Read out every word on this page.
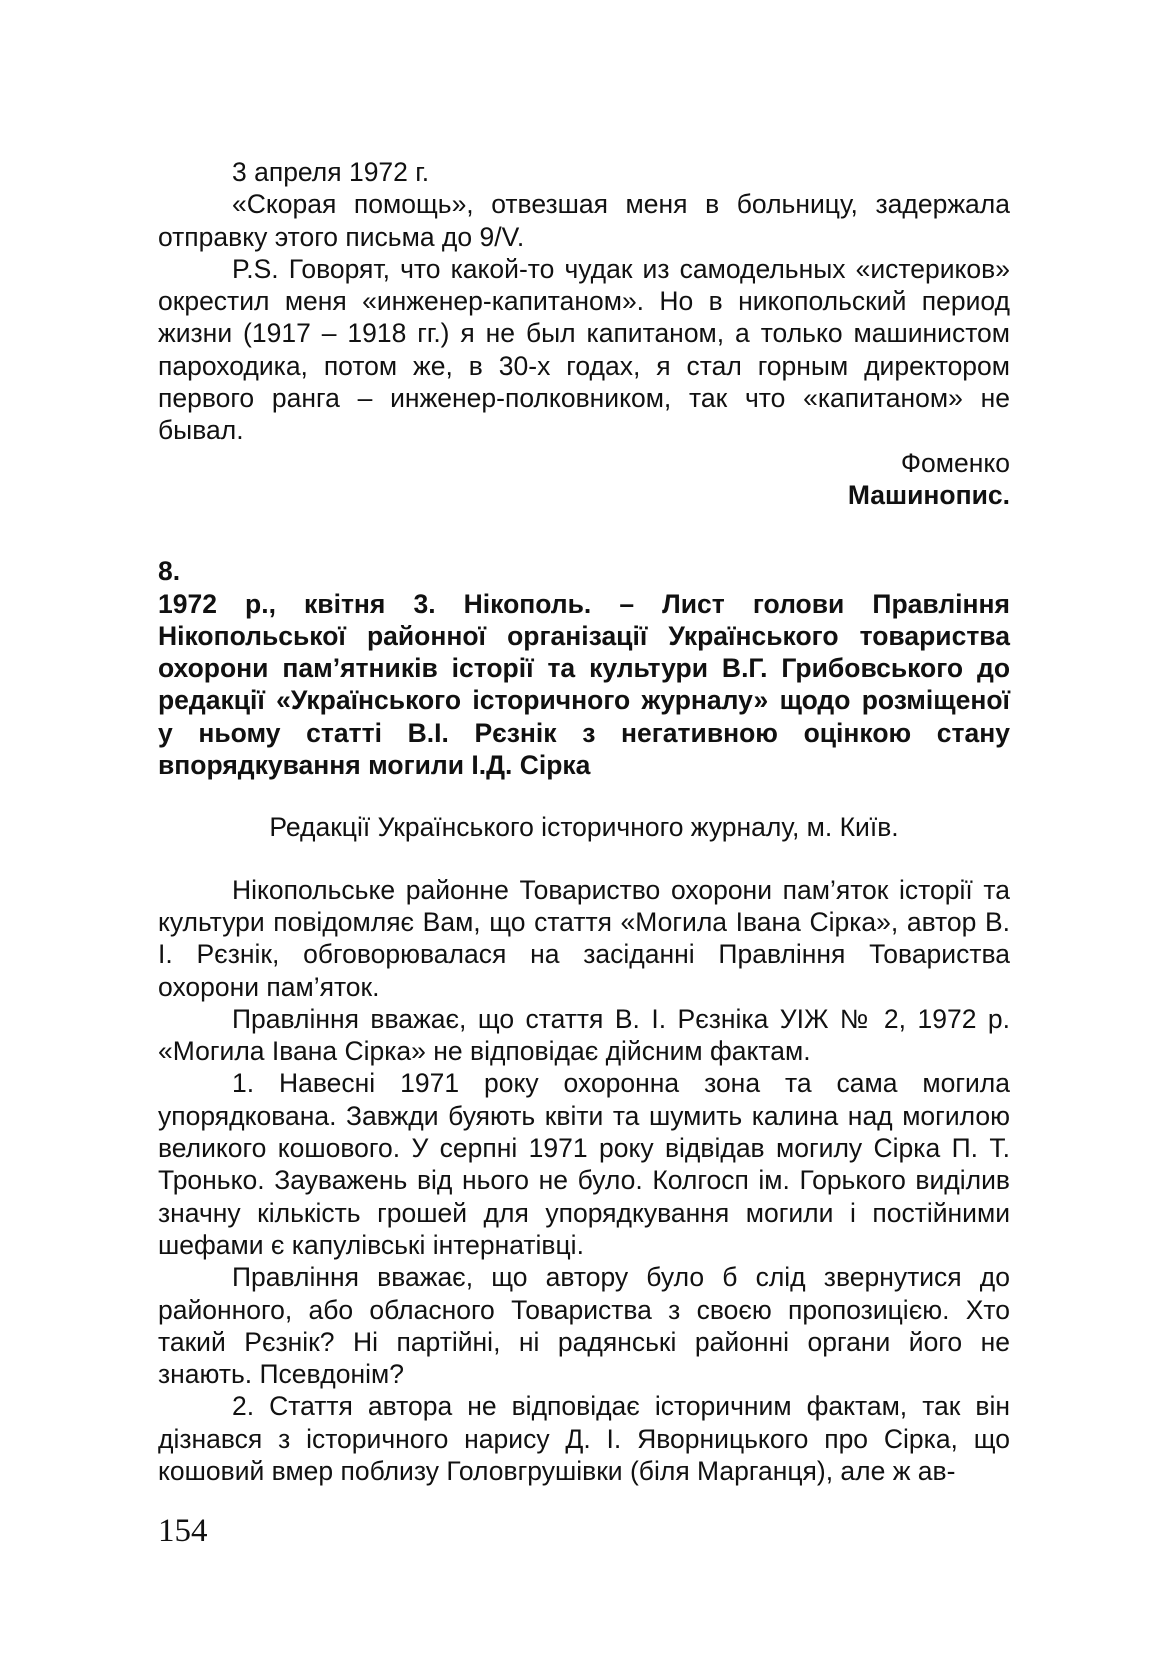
3 апреля 1972 г.

«Скорая помощь», отвезшая меня в больницу, задержала отправку этого письма до 9/V.

P.S. Говорят, что какой-то чудак из самодельных «истериков» окрестил меня «инженер-капитаном». Но в никопольский период жизни (1917 – 1918 гг.) я не был капитаном, а только машинистом пароходика, потом же, в 30-х годах, я стал горным директором первого ранга – инженер-полковником, так что «капитаном» не бывал.

Фоменко

Машинопис.

8.

1972 р., квітня 3. Нікополь. – Лист голови Правління Нікопольської районної організації Українського товариства охорони пам’ятників історії та культури В.Г. Грибовського до редакції «Українського історичного журналу» щодо розміщеної у ньому статті В.І. Рєзнік з негативною оцінкою стану впорядкування могили І.Д. Сірка

Редакції Українського історичного журналу, м. Київ.

Нікопольське районне Товариство охорони пам’яток історії та культури повідомляє Вам, що стаття «Могила Івана Сірка», автор В. І. Рєзнік, обговорювалася на засіданні Правління Товариства охорони пам’яток.

Правління вважає, що стаття В. І. Рєзніка УІЖ № 2, 1972 р. «Могила Івана Сірка» не відповідає дійсним фактам.

1. Навесні 1971 року охоронна зона та сама могила упорядкована. Завжди буяють квіти та шумить калина над могилою великого кошового. У серпні 1971 року відвідав могилу Сірка П. Т. Тронько. Зауважень від нього не було. Колгосп ім. Горького виділив значну кількість грошей для упорядкування могили і постійними шефами є капулівські інтернатівці.

Правління вважає, що автору було б слід звернутися до районного, або обласного Товариства з своєю пропозицією. Хто такий Рєзнік? Ні партійні, ні радянські районні органи його не знають. Псевдонім?

2. Стаття автора не відповідає історичним фактам, так він дізнався з історичного нарису Д. І. Яворницького про Сірка, що кошовий вмер поблизу Головгрушівки (біля Марганця), але ж ав-

154
